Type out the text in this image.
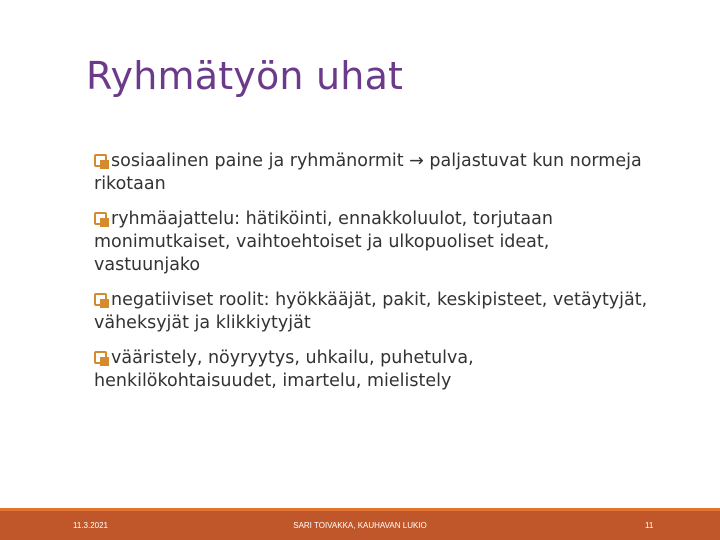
Ryhmätyön uhat
sosiaalinen paine ja ryhmänormit → paljastuvat kun normeja rikotaan
ryhmäajattelu: hätiköinti, ennakkoluulot, torjutaan monimutkaiset, vaihtoehtoiset ja ulkopuoliset ideat, vastuunjako
negatiiviset roolit: hyökkääjät, pakit, keskipisteet, vetäytyjät, väheksyjät ja klikkiytyjät
vääristely, nöyryytys, uhkailu, puhetulva, henkilökohtaisuudet, imartelu, mielistely
11.3.2021	SARI TOIVAKKA, KAUHAVAN LUKIO	11
